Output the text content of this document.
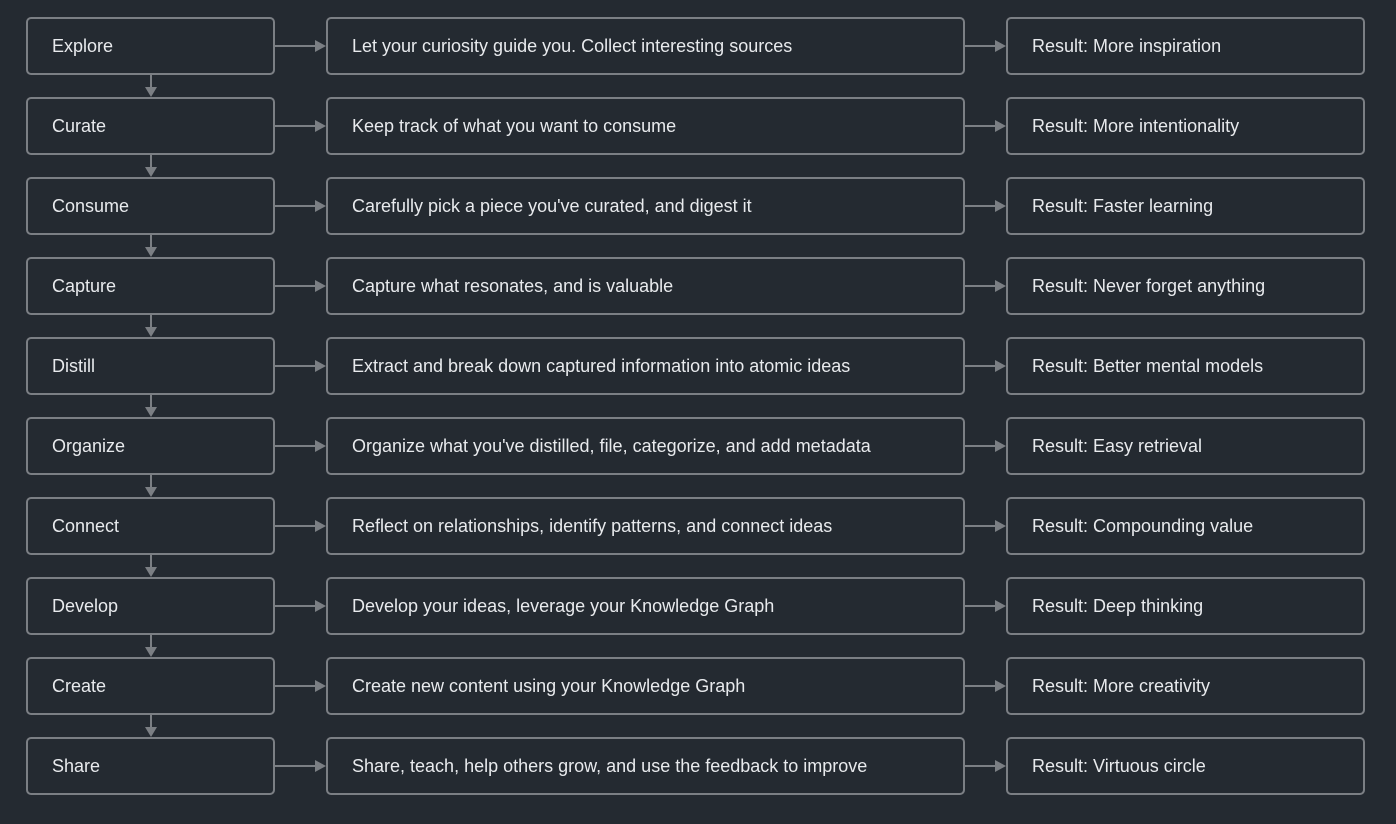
Explore	Let your curiosity guide you. Collect interesting sources	Result: More inspiration
Curate	Keep track of what you want to consume	Result: More intentionality
Consume	Carefully pick a piece you've curated, and digest it	Result: Faster learning
Capture	Capture what resonates, and is valuable	Result: Never forget anything
Distill	Extract and break down captured information into atomic ideas	Result: Better mental models
Organize	Organize what you've distilled, file, categorize, and add metadata	Result: Easy retrieval
Connect	Reflect on relationships, identify patterns, and connect ideas	Result: Compounding value
Develop	Develop your ideas, leverage your Knowledge Graph	Result: Deep thinking
Create	Create new content using your Knowledge Graph	Result: More creativity
Share	Share, teach, help others grow, and use the feedback to improve	Result: Virtuous circle
